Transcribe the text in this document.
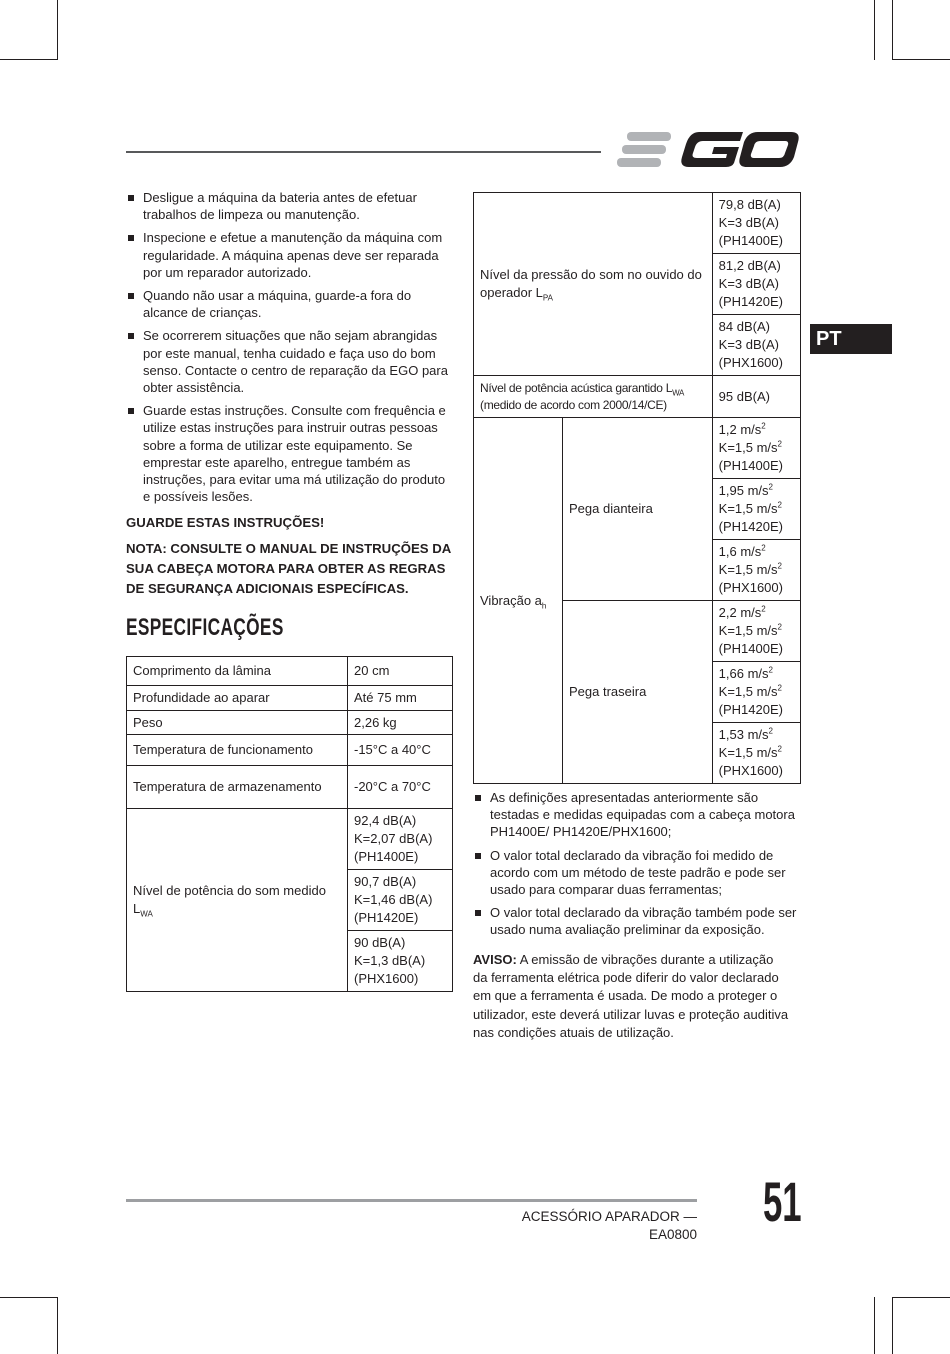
PT
Desligue a máquina da bateria antes de efetuar trabalhos de limpeza ou manutenção.
Inspecione e efetue a manutenção da máquina com regularidade. A máquina apenas deve ser reparada por um reparador autorizado.
Quando não usar a máquina, guarde-a fora do alcance de crianças.
Se ocorrerem situações que não sejam abrangidas por este manual, tenha cuidado e faça uso do bom senso. Contacte o centro de reparação da EGO para obter assistência.
Guarde estas instruções. Consulte com frequência e utilize estas instruções para instruir outras pessoas sobre a forma de utilizar este equipamento. Se emprestar este aparelho, entregue também as instruções, para evitar uma má utilização do produto e possíveis lesões.
GUARDE ESTAS INSTRUÇÕES!
NOTA: CONSULTE O MANUAL DE INSTRUÇÕES DA SUA CABEÇA MOTORA PARA OBTER AS REGRAS DE SEGURANÇA ADICIONAIS ESPECÍFICAS.
ESPECIFICAÇÕES
Comprimento da lâmina	20 cm
Profundidade ao aparar	Até 75 mm
Peso	2,26 kg
Temperatura de funcionamento	-15°C a 40°C
Temperatura de armazenamento	-20°C a 70°C
Nível de potência do som medido $L_{WA}$	92,4 dB(A)
K=2,07 dB(A)
(PH1400E)

	90,7 dB(A)
K=1,46 dB(A)
(PH1420E)

	90 dB(A)
K=1,3 dB(A)
(PHX1600)
Nível da pressão do som no ouvido do operador $L_{PA}$		79,8 dB(A)
K=3 dB(A)
(PH1400E)

		81,2 dB(A)
K=3 dB(A)
(PH1420E)

		84 dB(A)
K=3 dB(A)
(PHX1600)

Nível de potência acústica garantido $L_{WA}$
(medido de acordo com 2000/14/CE)		95 dB(A)
Vibração $a_h$	Pega dianteira	1,2 $m/s^2$
K=1,5 $m/s^2$
(PH1400E)

		1,95 $m/s^2$
K=1,5 $m/s^2$
(PH1420E)

		1,6 $m/s^2$
K=1,5 $m/s^2$
(PHX1600)

	Pega traseira	2,2 $m/s^2$
K=1,5 $m/s^2$
(PH1400E)

		1,66 $m/s^2$
K=1,5 $m/s^2$
(PH1420E)

		1,53 $m/s^2$
K=1,5 $m/s^2$
(PHX1600)
As definições apresentadas anteriormente são testadas e medidas equipadas com a cabeça motora PH1400E/ PH1420E/PHX1600;
O valor total declarado da vibração foi medido de acordo com um método de teste padrão e pode ser usado para comparar duas ferramentas;
O valor total declarado da vibração também pode ser usado numa avaliação preliminar da exposição.
AVISO: A emissão de vibrações durante a utilização da ferramenta elétrica pode diferir do valor declarado em que a ferramenta é usada. De modo a proteger o utilizador, este deverá utilizar luvas e proteção auditiva nas condições atuais de utilização.
ACESSÓRIO APARADOR — EA0800
51
